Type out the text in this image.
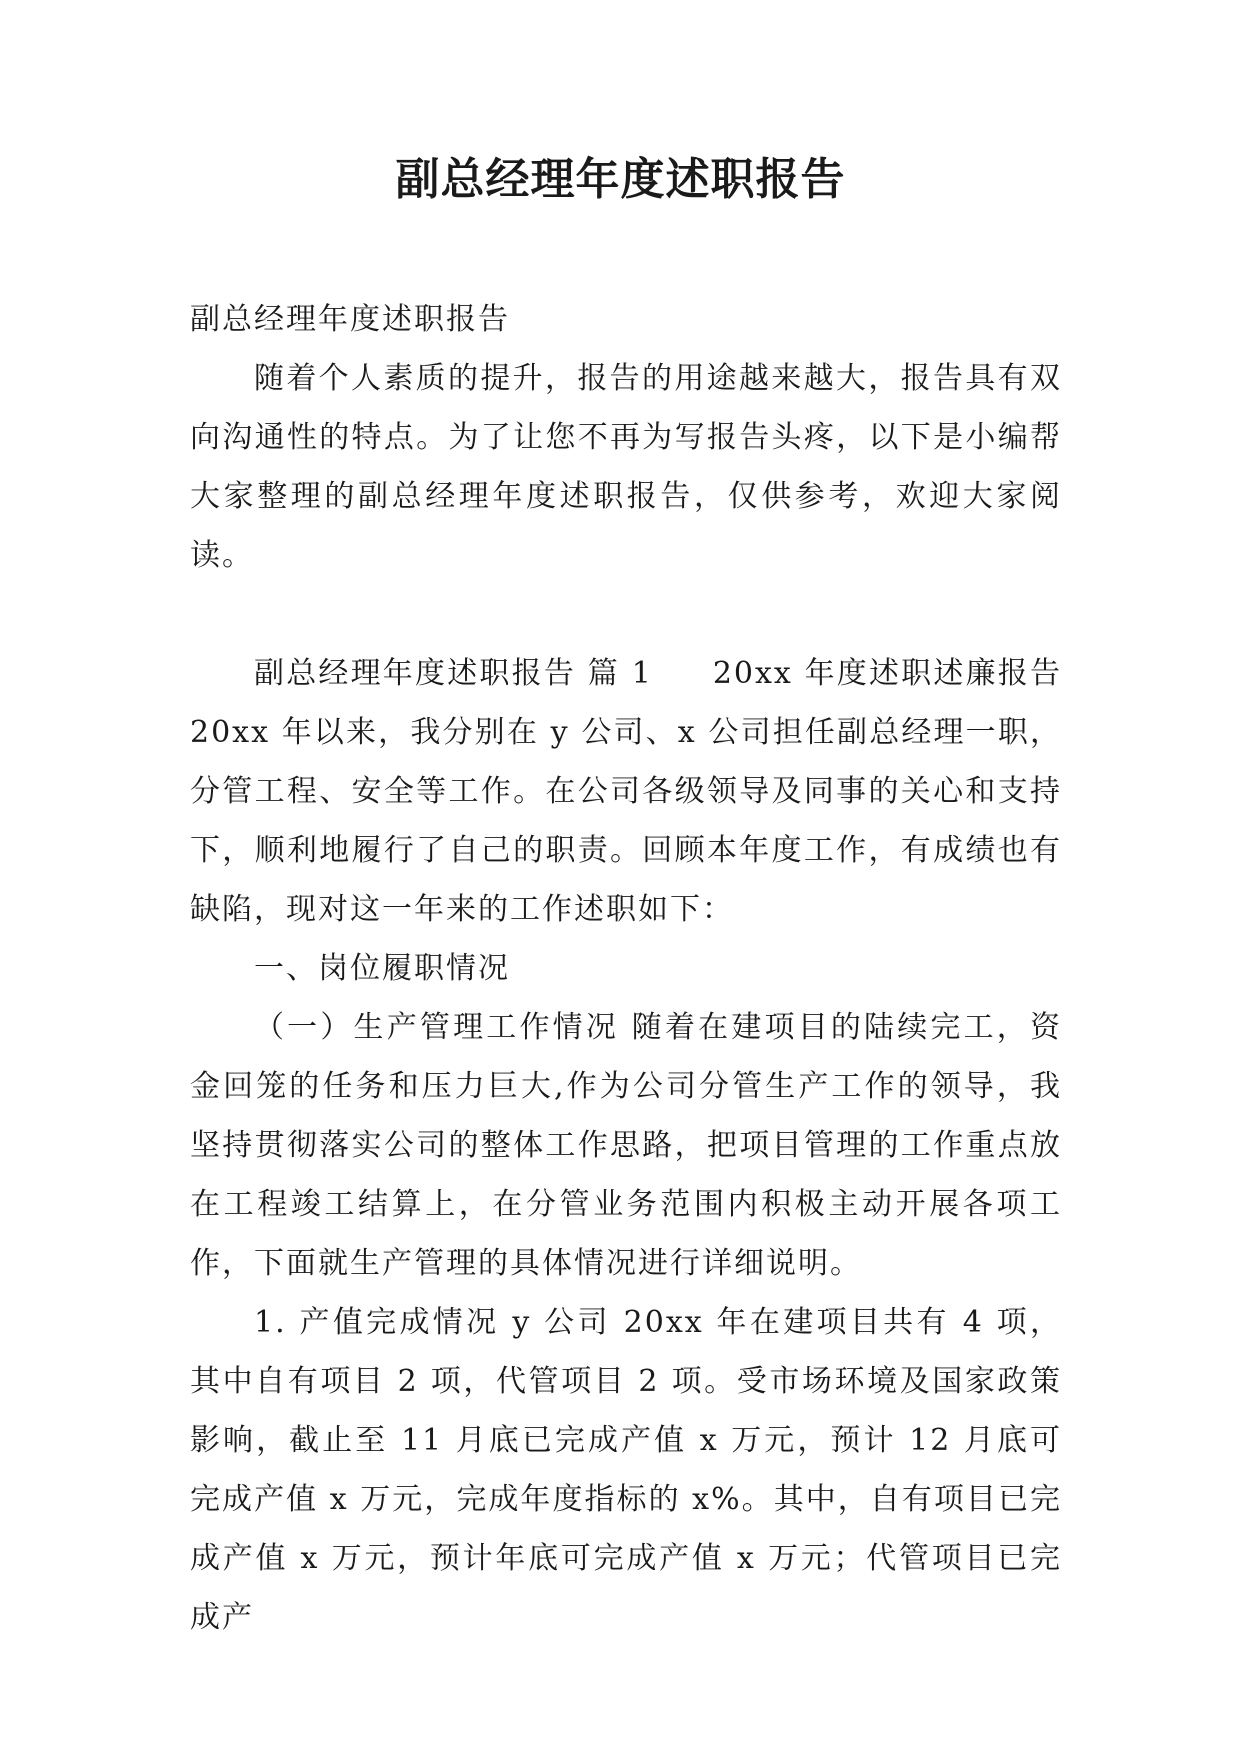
副总经理年度述职报告

副总经理年度述职报告

随着个人素质的提升，报告的用途越来越大，报告具有双向沟通性的特点。为了让您不再为写报告头疼，以下是小编帮大家整理的副总经理年度述职报告，仅供参考，欢迎大家阅读。

副总经理年度述职报告 篇 1 20xx 年度述职述廉报告 20xx 年以来，我分别在 y 公司、x 公司担任副总经理一职，分管工程、安全等工作。在公司各级领导及同事的关心和支持下，顺利地履行了自己的职责。回顾本年度工作，有成绩也有缺陷，现对这一年来的工作述职如下：

一、岗位履职情况

（一）生产管理工作情况 随着在建项目的陆续完工，资金回笼的任务和压力巨大,作为公司分管生产工作的领导，我坚持贯彻落实公司的整体工作思路，把项目管理的工作重点放在工程竣工结算上，在分管业务范围内积极主动开展各项工作，下面就生产管理的具体情况进行详细说明。

1. 产值完成情况 y 公司 20xx 年在建项目共有 4 项，其中自有项目 2 项，代管项目 2 项。受市场环境及国家政策影响，截止至 11 月底已完成产值 x 万元，预计 12 月底可完成产值 x 万元，完成年度指标的 x%。其中，自有项目已完成产值 x 万元，预计年底可完成产值 x 万元；代管项目已完成产
